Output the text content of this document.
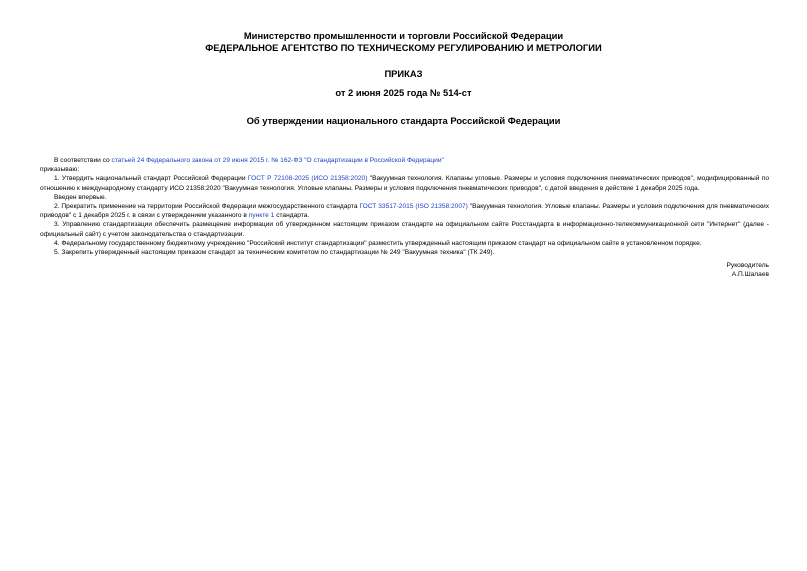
Министерство промышленности и торговли Российской Федерации

ФЕДЕРАЛЬНОЕ АГЕНТСТВО ПО ТЕХНИЧЕСКОМУ РЕГУЛИРОВАНИЮ И МЕТРОЛОГИИ

ПРИКАЗ
от 2 июня 2025 года № 514-ст
Об утверждении национального стандарта Российской Федерации

В соответствии со статьей 24 Федерального закона от 29 июня 2015 г. № 162-ФЗ "О стандартизации в Российской Федерации"

приказываю:

1. Утвердить национальный стандарт Российской Федерации ГОСТ Р 72108-2025 (ИСО 21358:2020) "Вакуумная технология. Клапаны угловые. Размеры и условия подключения пневматических приводов", модифицированный по отношению к международному стандарту ИСО 21358:2020 "Вакуумная технология. Угловые клапаны. Размеры и условия подключения пневматических приводов", с датой введения в действие 1 декабря 2025 года.

Введен впервые.

2. Прекратить применение на территории Российской Федерации межгосударственного стандарта ГОСТ 33517-2015 (ISO 21358:2007) "Вакуумная технология. Угловые клапаны. Размеры и условия подключения для пневматических приводов" с 1 декабря 2025 г. в связи с утверждением указанного в пункте 1 стандарта.

3. Управлению стандартизации обеспечить размещение информации об утвержденном настоящим приказом стандарте на официальном сайте Росстандарта в информационно-телекоммуникационной сети "Интернет" (далее - официальный сайт) с учетом законодательства о стандартизации.

4. Федеральному государственному бюджетному учреждению "Российский институт стандартизации" разместить утвержденный настоящим приказом стандарт на официальном сайте в установленном порядке.

5. Закрепить утвержденный настоящим приказом стандарт за техническим комитетом по стандартизации № 249 "Вакуумная техника" (ТК 249).

Руководитель
А.П.Шалаев
